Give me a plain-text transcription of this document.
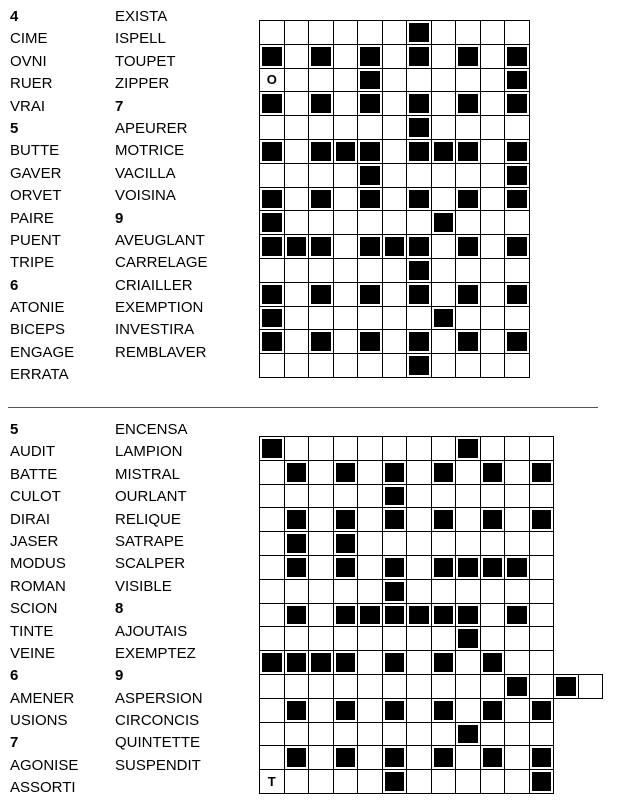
4
CIME
OVNI
RUER
VRAI
5
BUTTE
GAVER
ORVET
PAIRE
PUENT
TRIPE
6
ATONIE
BICEPS
ENGAGE
ERRATA
EXISTA
ISPELL
TOUPET
ZIPPER
7
APEURER
MOTRICE
VACILLA
VOISINA
9
AVEUGLANT
CARRELAGE
CRIAILLER
EXEMPTION
INVESTIRA
REMBLAVER

O										

5
AUDIT
BATTE
CULOT
DIRAI
JASER
MODUS
ROMAN
SCION
TINTE
VEINE
6
AMENER
USIONS
7
AGONISE
ASSORTI
ENCENSA
LAMPION
MISTRAL
OURLANT
RELIQUE
SATRAPE
SCALPER
VISIBLE
8
AJOUTAIS
EXEMPTEZ
9
ASPERSION
CIRCONCIS
QUINTETTE
SUSPENDIT

T													
